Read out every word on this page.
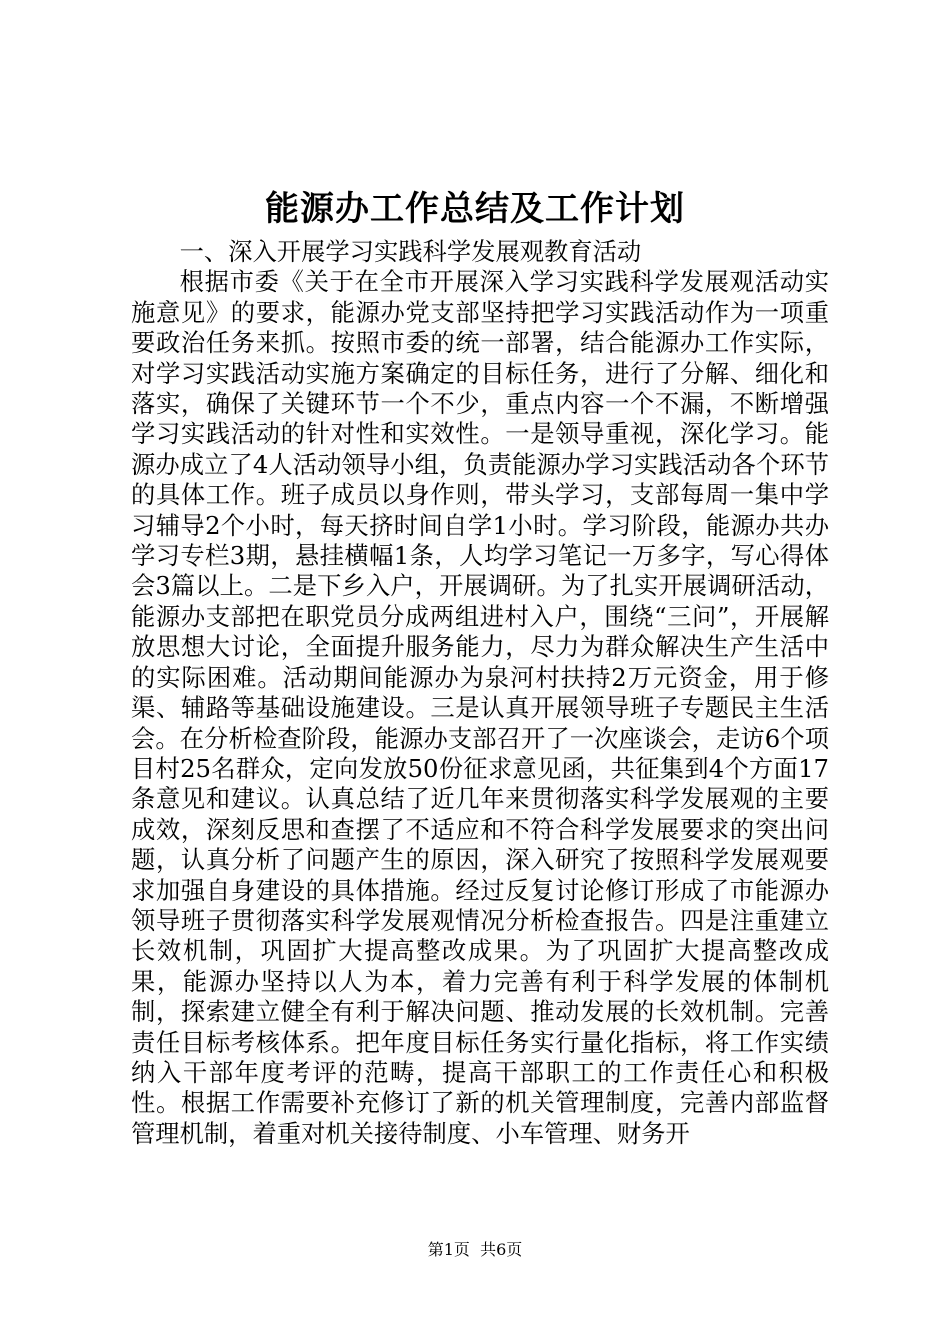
能源办工作总结及工作计划

一、深入开展学习实践科学发展观教育活动

根据市委《关于在全市开展深入学习实践科学发展观活动实施意见》的要求，能源办党支部坚持把学习实践活动作为一项重要政治任务来抓。按照市委的统一部署，结合能源办工作实际，对学习实践活动实施方案确定的目标任务，进行了分解、细化和落实，确保了关键环节一个不少，重点内容一个不漏，不断增强学习实践活动的针对性和实效性。一是领导重视，深化学习。能源办成立了4人活动领导小组，负责能源办学习实践活动各个环节的具体工作。班子成员以身作则，带头学习，支部每周一集中学习辅导2个小时，每天挤时间自学1小时。学习阶段，能源办共办学习专栏3期，悬挂横幅1条，人均学习笔记一万多字，写心得体会3篇以上。二是下乡入户，开展调研。为了扎实开展调研活动，能源办支部把在职党员分成两组进村入户，围绕“三问”，开展解放思想大讨论，全面提升服务能力，尽力为群众解决生产生活中的实际困难。活动期间能源办为泉河村扶持2万元资金，用于修渠、辅路等基础设施建设。三是认真开展领导班子专题民主生活会。在分析检查阶段，能源办支部召开了一次座谈会，走访6个项目村25名群众，定向发放50份征求意见函，共征集到4个方面17条意见和建议。认真总结了近几年来贯彻落实科学发展观的主要成效，深刻反思和查摆了不适应和不符合科学发展要求的突出问题，认真分析了问题产生的原因，深入研究了按照科学发展观要求加强自身建设的具体措施。经过反复讨论修订形成了市能源办领导班子贯彻落实科学发展观情况分析检查报告。四是注重建立长效机制，巩固扩大提高整改成果。为了巩固扩大提高整改成果，能源办坚持以人为本，着力完善有利于科学发展的体制机制，探索建立健全有利于解决问题、推动发展的长效机制。完善责任目标考核体系。把年度目标任务实行量化指标，将工作实绩纳入干部年度考评的范畴，提高干部职工的工作责任心和积极性。根据工作需要补充修订了新的机关管理制度，完善内部监督管理机制，着重对机关接待制度、小车管理、财务开

第1页 共6页
